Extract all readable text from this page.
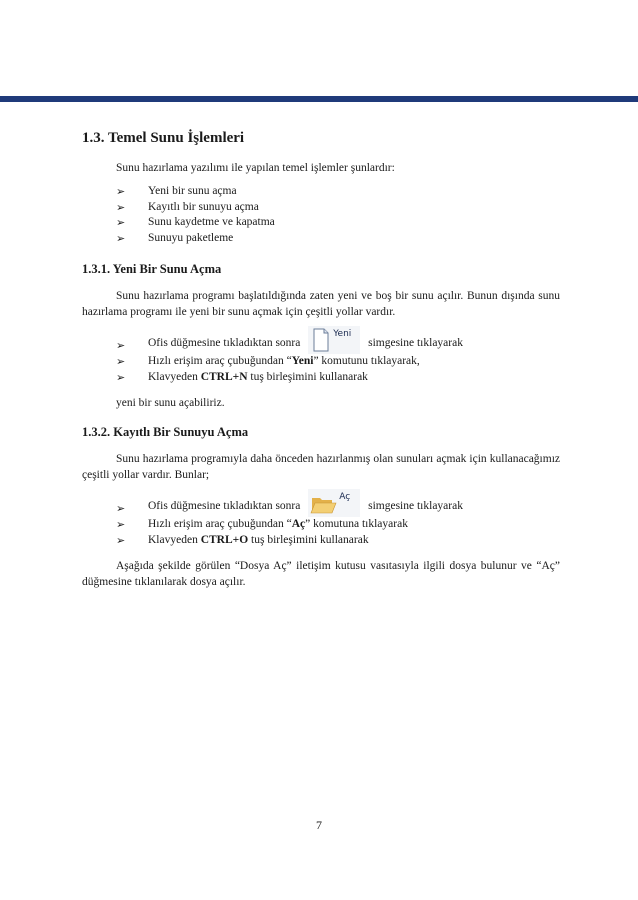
1.3. Temel Sunu İşlemleri

Sunu hazırlama yazılımı ile yapılan temel işlemler şunlardır:

➢ Yeni bir sunu açma
➢ Kayıtlı bir sunuyu açma
➢ Sunu kaydetme ve kapatma
➢ Sunuyu paketleme
1.3.1. Yeni Bir Sunu Açma

Sunu hazırlama programı başlatıldığında zaten yeni ve boş bir sunu açılır. Bunun dışında sunu hazırlama programı ile yeni bir sunu açmak için çeşitli yollar vardır.

➢ Ofis düğmesine tıkladıktan sonra
Yeni
simgesine tıklayarak
➢ Hızlı erişim araç çubuğundan “Yeni” komutunu tıklayarak,
➢ Klavyeden CTRL+N tuş birleşimini kullanarak

yeni bir sunu açabiliriz.

1.3.2. Kayıtlı Bir Sunuyu Açma

Sunu hazırlama programıyla daha önceden hazırlanmış olan sunuları açmak için kullanacağımız çeşitli yollar vardır. Bunlar;

➢ Ofis düğmesine tıkladıktan sonra
Aç
simgesine tıklayarak
➢ Hızlı erişim araç çubuğundan “Aç” komutuna tıklayarak
➢ Klavyeden CTRL+O tuş birleşimini kullanarak

Aşağıda şekilde görülen “Dosya Aç” iletişim kutusu vasıtasıyla ilgili dosya bulunur ve “Aç” düğmesine tıklanılarak dosya açılır.

7
